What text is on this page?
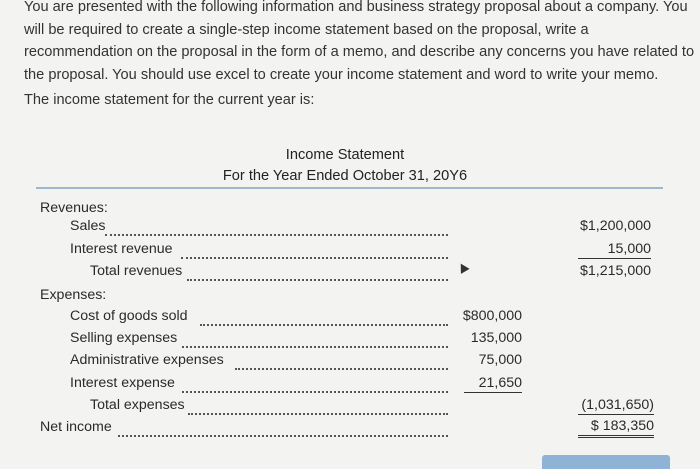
You are presented with the following information and business strategy proposal about a company. You will be required to create a single-step income statement based on the proposal, write a recommendation on the proposal in the form of a memo, and describe any concerns you have related to the proposal. You should use excel to create your income statement and word to write your memo.

The income statement for the current year is:

Income Statement
For the Year Ended October 31, 20Y6
Revenues:
Sales	$1,200,000
Interest revenue	15,000
Total revenues	$1,215,000
Expenses:
Cost of goods sold	$800,000
Selling expenses	135,000
Administrative expenses	75,000
Interest expense	21,650
Total expenses	(1,031,650)
Net income	$ 183,350
